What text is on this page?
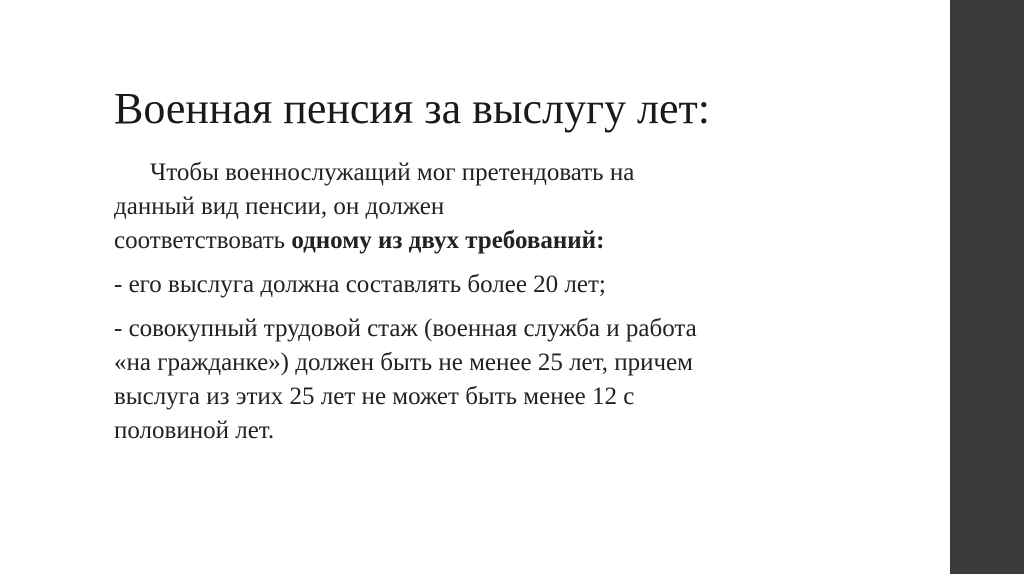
Военная пенсия за выслугу лет:

Чтобы военнослужащий мог претендовать на
данный вид пенсии, он должен
соответствовать одному из двух требований:

- его выслуга должна составлять более 20 лет;

- совокупный трудовой стаж (военная служба и работа
«на гражданке») должен быть не менее 25 лет, причем
выслуга из этих 25 лет не может быть менее 12 с
половиной лет.
